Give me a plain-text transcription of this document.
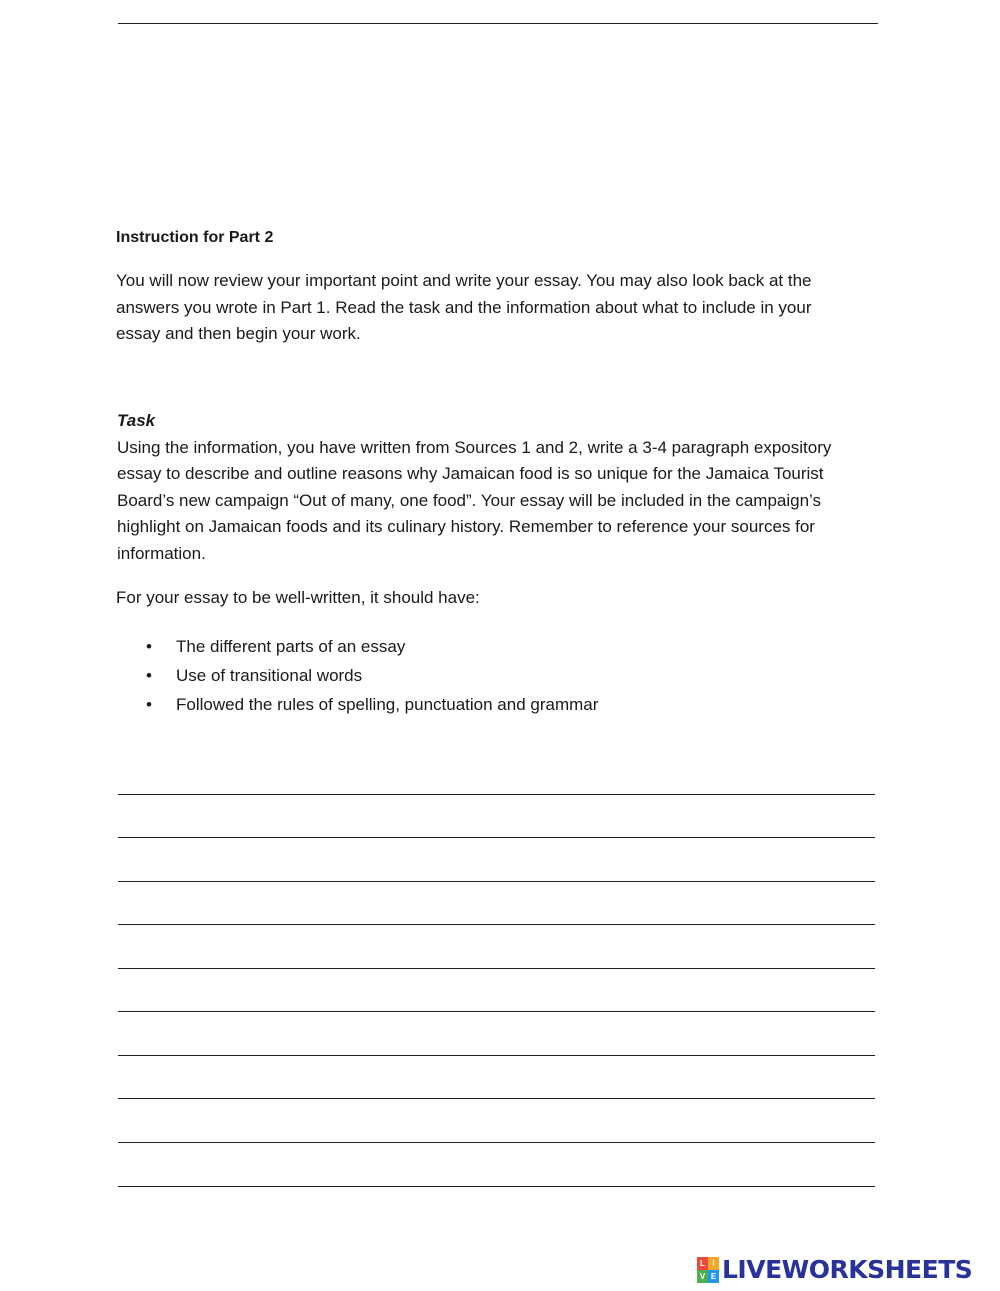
Instruction for Part 2

You will now review your important point and write your essay. You may also look back at the

answers you wrote in Part 1. Read the task and the information about what to include in your

essay and then begin your work.

Task

Using the information, you have written from Sources 1 and 2, write a 3-4 paragraph expository

essay to describe and outline reasons why Jamaican food is so unique for the Jamaica Tourist

Board’s new campaign “Out of many, one food”. Your essay will be included in the campaign’s

highlight on Jamaican foods and its culinary history. Remember to reference your sources for

information.

For your essay to be well-written, it should have:

• The different parts of an essay
• Use of transitional words
• Followed the rules of spelling, punctuation and grammar
L I
V E LIVEWORKSHEETS
